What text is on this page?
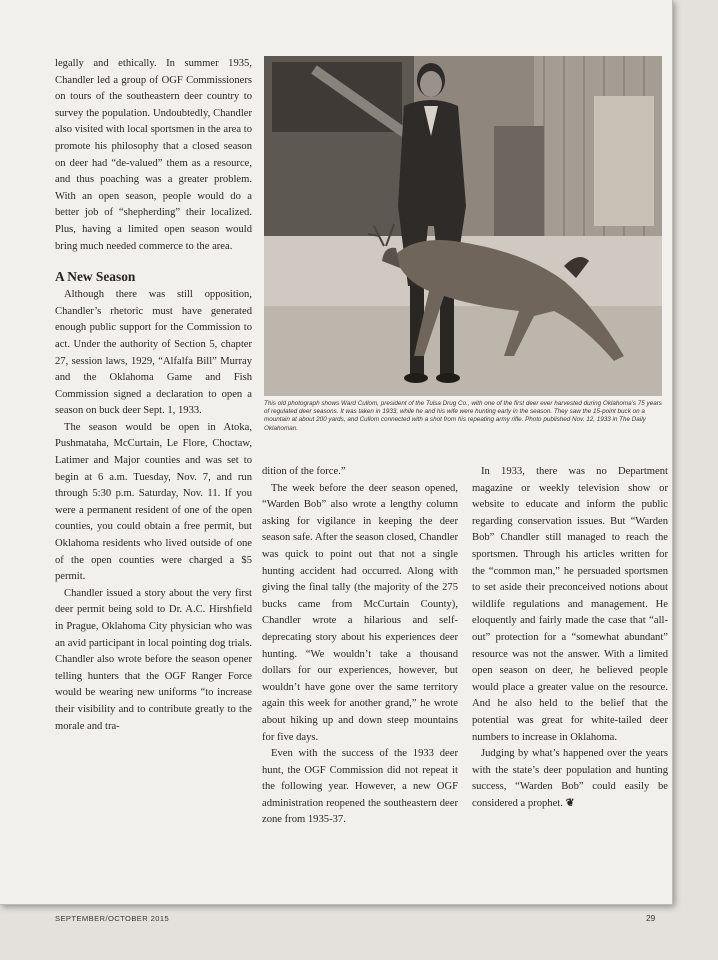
legally and ethically. In summer 1935, Chandler led a group of OGF Commissioners on tours of the southeastern deer country to survey the population. Undoubtedly, Chandler also visited with local sportsmen in the area to promote his philosophy that a closed season on deer had “de-valued” them as a resource, and thus poaching was a greater problem. With an open season, people would do a better job of “shepherding” their localized. Plus, having a limited open season would bring much needed commerce to the area.

A New Season

Although there was still opposition, Chandler’s rhetoric must have generated enough public support for the Commission to act. Under the authority of Section 5, chapter 27, session laws, 1929, “Alfalfa Bill” Murray and the Oklahoma Game and Fish Commission signed a declaration to open a season on buck deer Sept. 1, 1933.

The season would be open in Atoka, Pushmataha, McCurtain, Le Flore, Choctaw, Latimer and Major counties and was set to begin at 6 a.m. Tuesday, Nov. 7, and run through 5:30 p.m. Saturday, Nov. 11. If you were a permanent resident of one of the open counties, you could obtain a free permit, but Oklahoma residents who lived outside of one of the open counties were charged a $5 permit.

Chandler issued a story about the very first deer permit being sold to Dr. A.C. Hirshfield in Prague, Oklahoma City physician who was an avid participant in local pointing dog trials. Chandler also wrote before the season opener telling hunters that the OGF Ranger Force would be wearing new uniforms “to increase their visibility and to contribute greatly to the morale and tra-

This old photograph shows Ward Cullom, president of the Tulsa Drug Co., with one of the first deer ever harvested during Oklahoma’s 75 years of regulated deer seasons. It was taken in 1933, while he and his wife were hunting early in the season. They saw the 15-point buck on a mountain at about 200 yards, and Cullom connected with a shot from his repeating army rifle. Photo published Nov. 12, 1933 in The Daily Oklahoman.

dition of the force.”

The week before the deer season opened, “Warden Bob” also wrote a lengthy column asking for vigilance in keeping the deer season safe. After the season closed, Chandler was quick to point out that not a single hunting accident had occurred. Along with giving the final tally (the majority of the 275 bucks came from McCurtain County), Chandler wrote a hilarious and self-deprecating story about his experiences deer hunting. “We wouldn’t take a thousand dollars for our experiences, however, but wouldn’t have gone over the same territory again this week for another grand,” he wrote about hiking up and down steep mountains for five days.

Even with the success of the 1933 deer hunt, the OGF Commission did not repeat it the following year. However, a new OGF administration reopened the southeastern deer zone from 1935-37.

In 1933, there was no Department magazine or weekly television show or website to educate and inform the public regarding conservation issues. But “Warden Bob” Chandler still managed to reach the sportsmen. Through his articles written for the “common man,” he persuaded sportsmen to set aside their preconceived notions about wildlife regulations and management. He eloquently and fairly made the case that “all-out” protection for a “somewhat abundant” resource was not the answer. With a limited open season on deer, he believed people would place a greater value on the resource. And he also held to the belief that the potential was great for white-tailed deer numbers to increase in Oklahoma.

Judging by what’s happened over the years with the state’s deer population and hunting success, “Warden Bob” could easily be considered a prophet. ❦

SEPTEMBER/OCTOBER 2015	29
